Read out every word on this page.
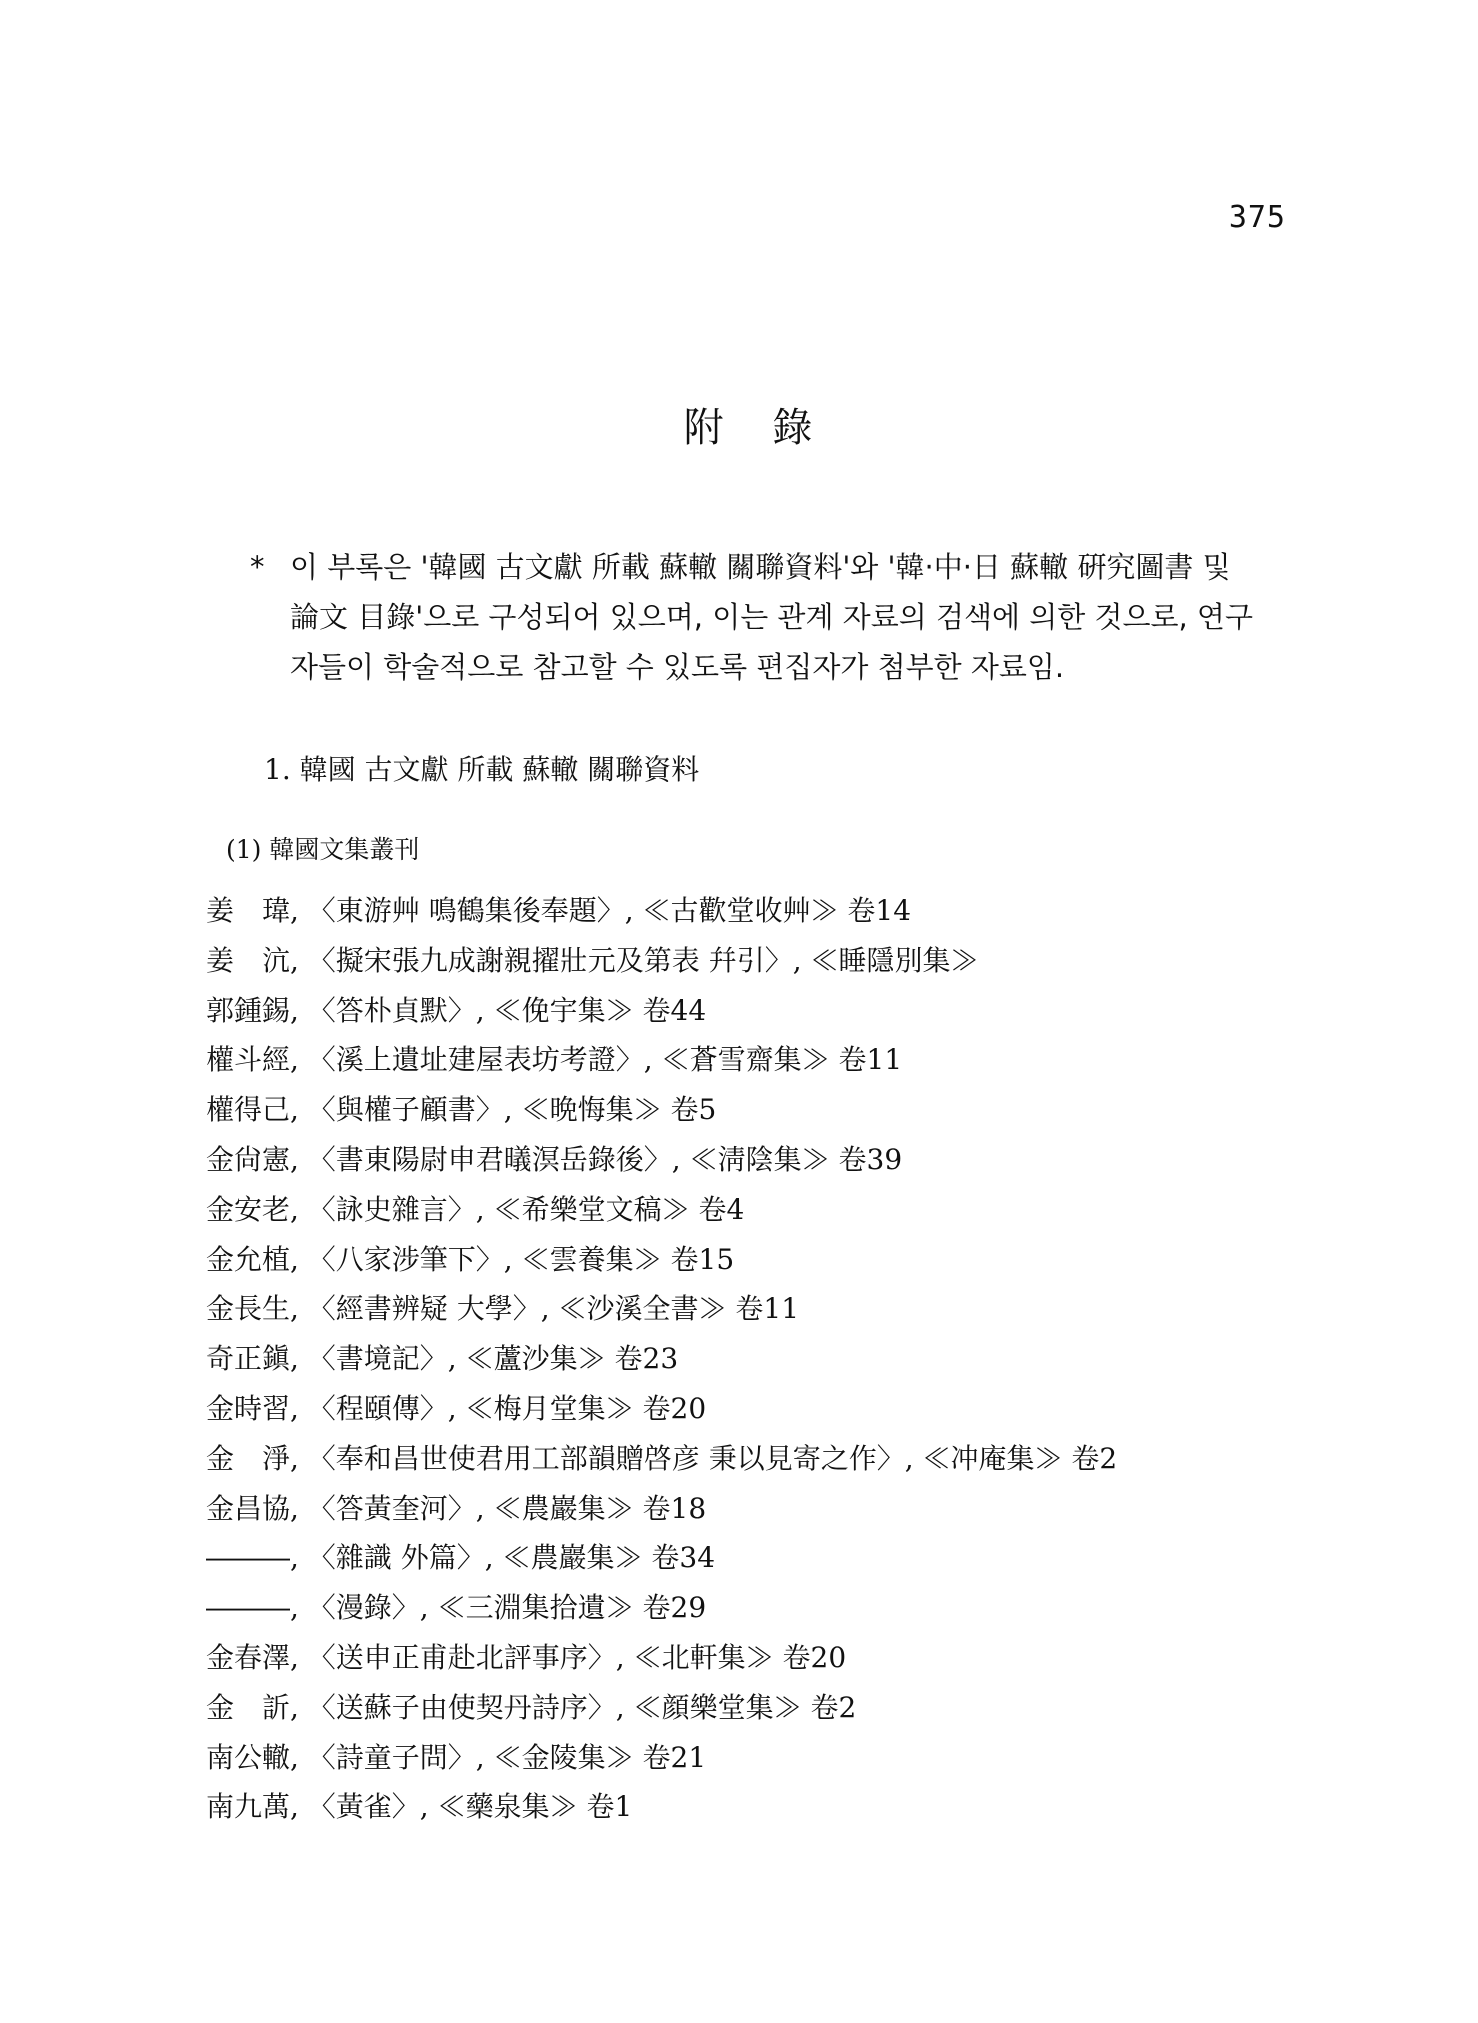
375
附 錄
* 이 부록은 '韓國 古文獻 所載 蘇轍 關聯資料'와 '韓·中·日 蘇轍 硏究圖書 및
論文 目錄'으로 구성되어 있으며, 이는 관계 자료의 검색에 의한 것으로, 연구
자들이 학술적으로 참고할 수 있도록 편집자가 첨부한 자료임.
1. 韓國 古文獻 所載 蘇轍 關聯資料
(1) 韓國文集叢刊
姜　瑋, 〈東游艸 鳴鶴集後奉題〉, ≪古歡堂收艸≫ 卷14
姜　沆, 〈擬宋張九成謝親擢壯元及第表 幷引〉, ≪睡隱別集≫
郭鍾錫, 〈答朴貞默〉, ≪俛宇集≫ 卷44
權斗經, 〈溪上遺址建屋表坊考證〉, ≪蒼雪齋集≫ 卷11
權得己, 〈與權子顧書〉, ≪晩悔集≫ 卷5
金尙憲, 〈書東陽尉申君㬢溟岳錄後〉, ≪淸陰集≫ 卷39
金安老, 〈詠史雜言〉, ≪希樂堂文稿≫ 卷4
金允植, 〈八家涉筆下〉, ≪雲養集≫ 卷15
金長生, 〈經書辨疑 大學〉, ≪沙溪全書≫ 卷11
奇正鎭, 〈書境記〉, ≪蘆沙集≫ 卷23
金時習, 〈程頤傳〉, ≪梅月堂集≫ 卷20
金　淨, 〈奉和昌世使君用工部韻贈啓彦 秉以見寄之作〉, ≪冲庵集≫ 卷2
金昌協, 〈答黃奎河〉, ≪農巖集≫ 卷18
―――, 〈雜識 外篇〉, ≪農巖集≫ 卷34
―――, 〈漫錄〉, ≪三淵集拾遺≫ 卷29
金春澤, 〈送申正甫赴北評事序〉, ≪北軒集≫ 卷20
金　訢, 〈送蘇子由使契丹詩序〉, ≪顔樂堂集≫ 卷2
南公轍, 〈詩童子問〉, ≪金陵集≫ 卷21
南九萬, 〈黃雀〉, ≪藥泉集≫ 卷1
